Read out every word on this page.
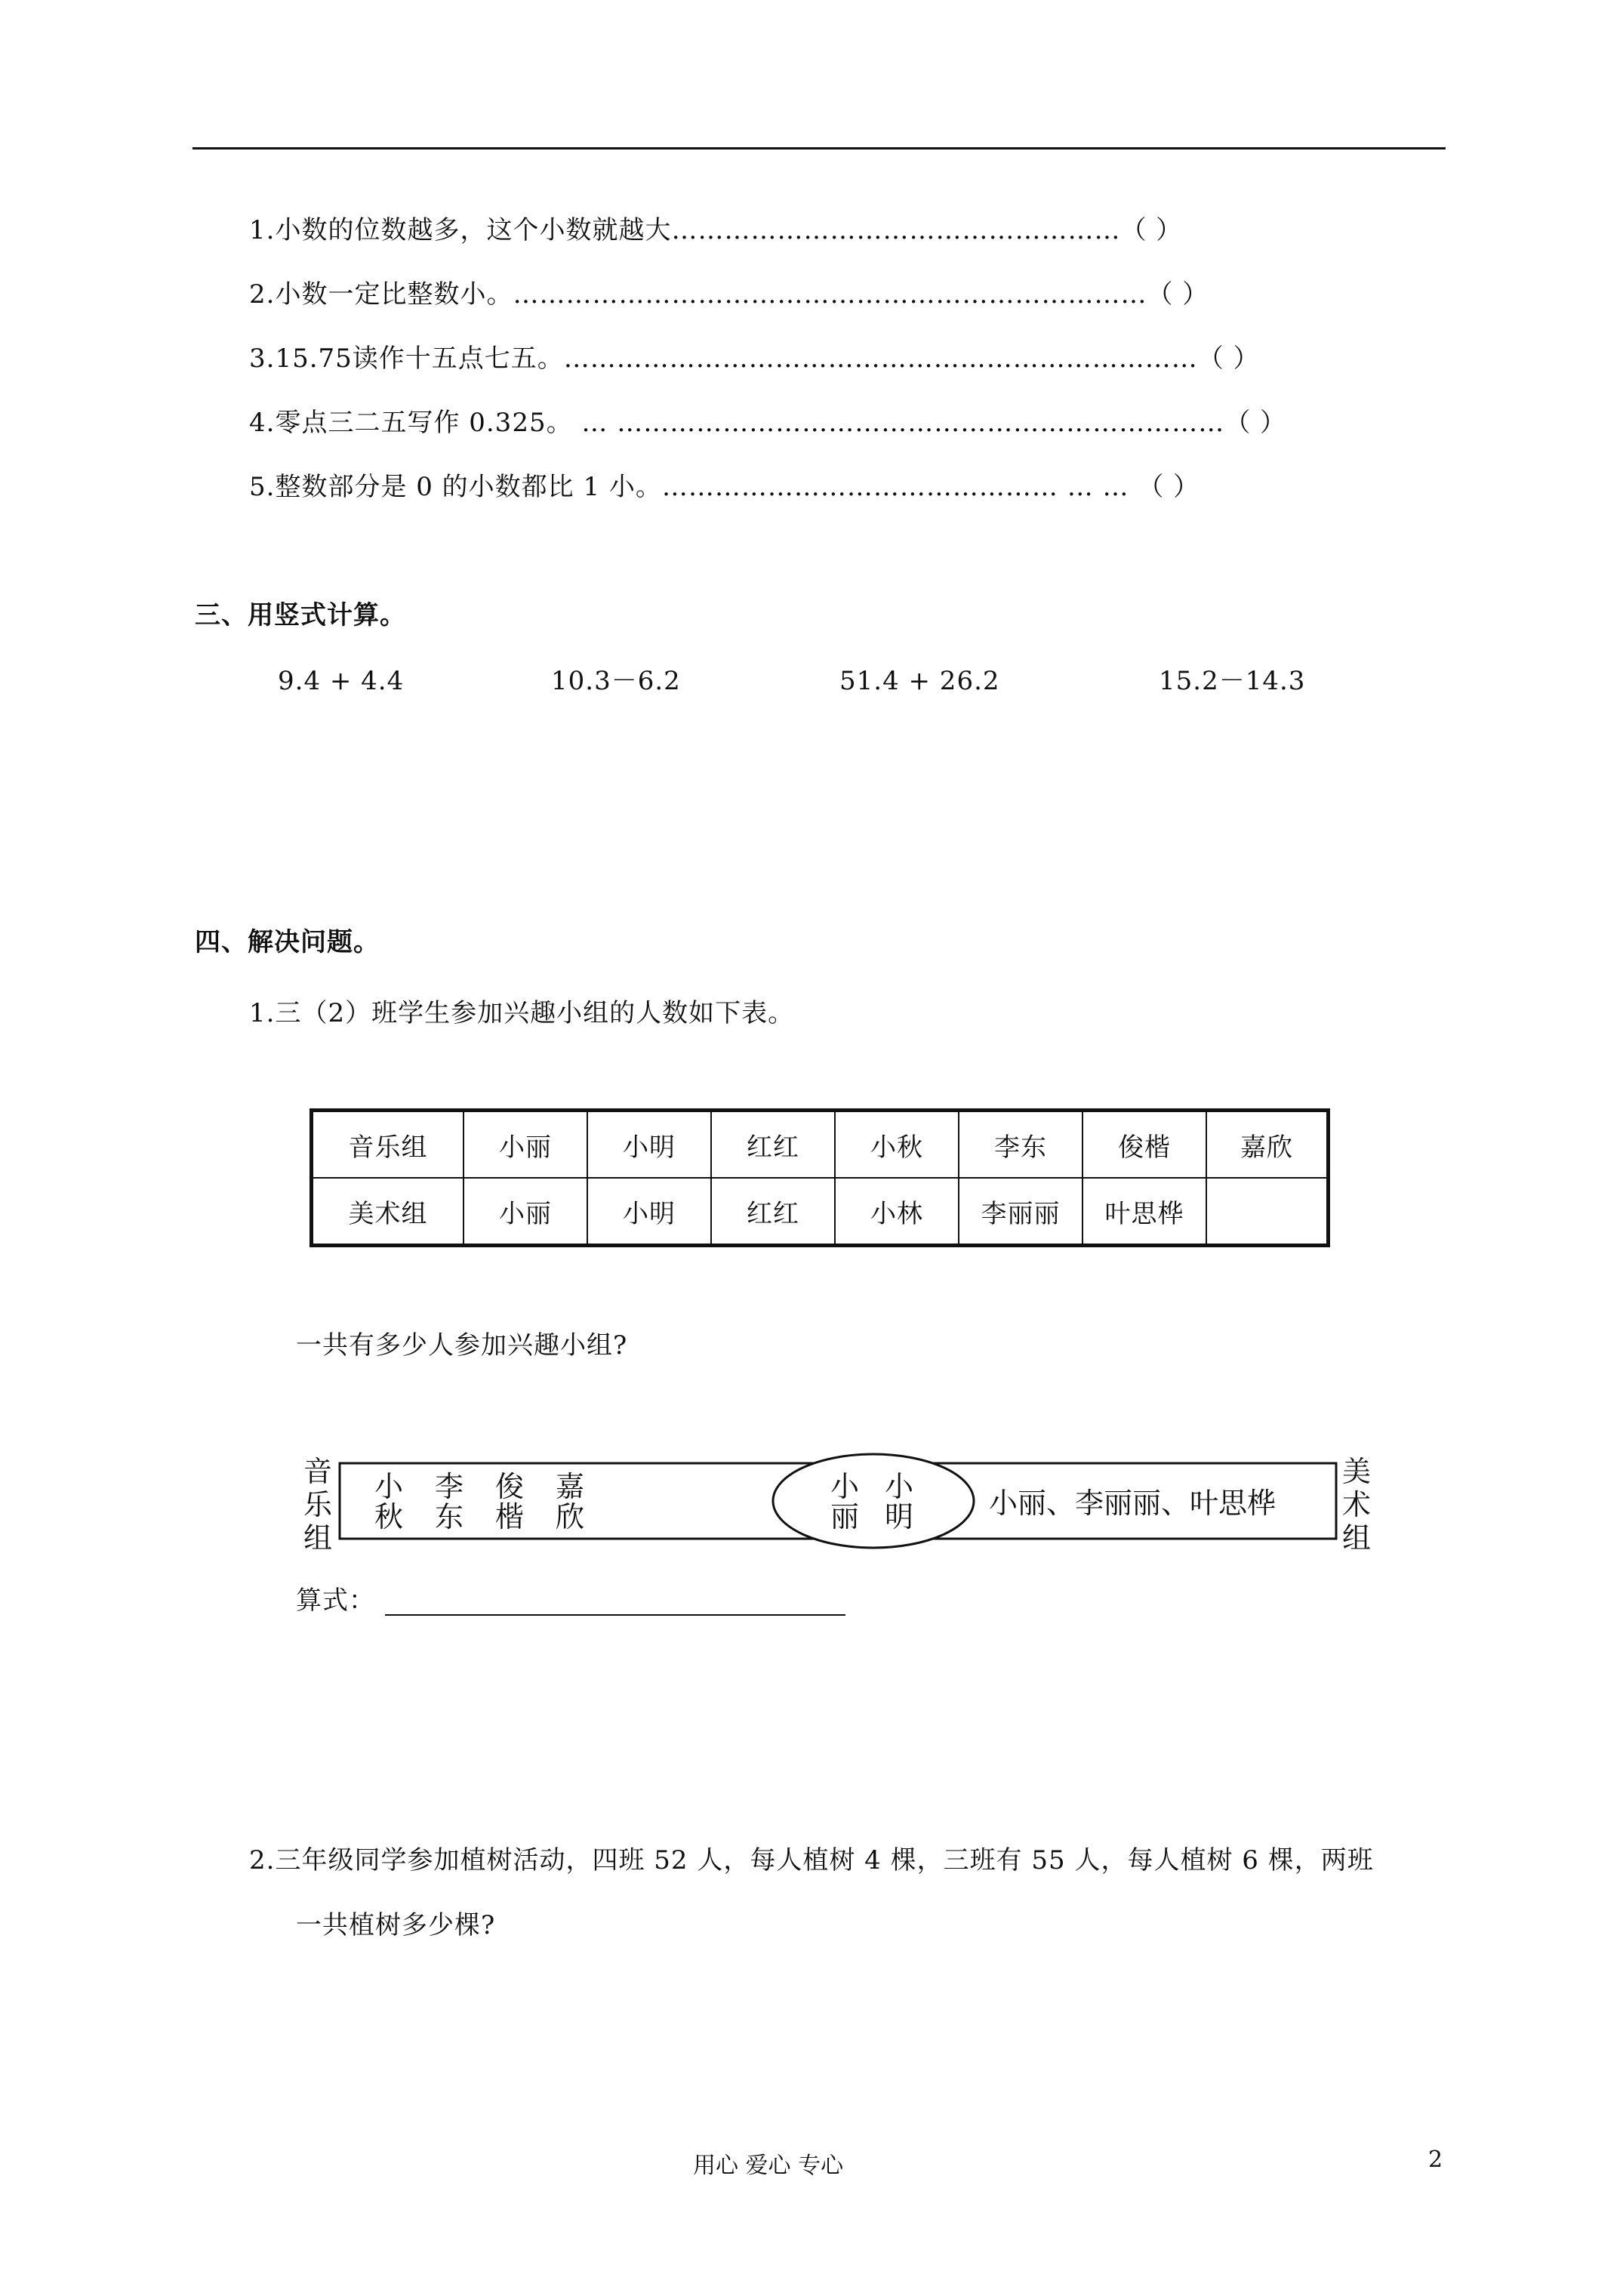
1.小数的位数越多，这个小数就越大……………………………………………（ ）
2.小数一定比整数小。………………………………………………………………（ ）
3.15.75读作十五点七五。………………………………………………………………（ ）
4.零点三二五写作 0.325。 … ……………………………………………………………（ ）
5.整数部分是 0 的小数都比 1 小。……………………………………… … … （ ）
三、用竖式计算。
9.4 + 4.4	10.3－6.2	51.4 + 26.2	15.2－14.3
四、解决问题。
1.三（2）班学生参加兴趣小组的人数如下表。
音乐组	小丽	小明	红红	小秋	李东	俊楷	嘉欣
美术组	小丽	小明	红红	小林	李丽丽	叶思桦	
一共有多少人参加兴趣小组?
音
乐
组
美
术
组
小 李 俊 嘉
秋 东 楷 欣
小 小
丽 明	小丽、李丽丽、叶思桦
算式：
2.三年级同学参加植树活动，四班 52 人，每人植树 4 棵，三班有 55 人，每人植树 6 棵，两班
一共植树多少棵?
用心 爱心 专心	2
